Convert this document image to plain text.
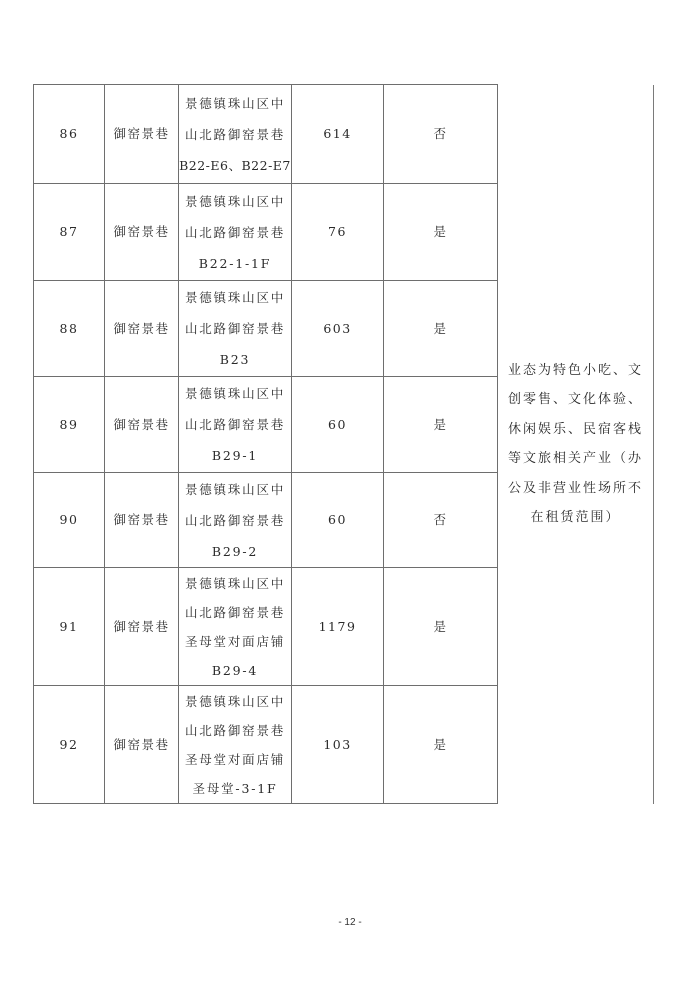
86	御窑景巷	景德镇珠山区中
山北路御窑景巷
B22-E6、B22-E7	614	否	业态为特色小吃、文创零售、文化体验、休闲娱乐、民宿客栈等文旅相关产业（办公及非营业性场所不在租赁范围）

87	御窑景巷	景德镇珠山区中
山北路御窑景巷
B22-1-1F	76	是	
88	御窑景巷	景德镇珠山区中
山北路御窑景巷
B23	603	是	
89	御窑景巷	景德镇珠山区中
山北路御窑景巷
B29-1	60	是	
90	御窑景巷	景德镇珠山区中
山北路御窑景巷
B29-2	60	否	
91	御窑景巷	景德镇珠山区中
山北路御窑景巷
圣母堂对面店铺
B29-4	1179	是	
92	御窑景巷	景德镇珠山区中
山北路御窑景巷
圣母堂对面店铺
圣母堂-3-1F	103	是	
- 12 -
